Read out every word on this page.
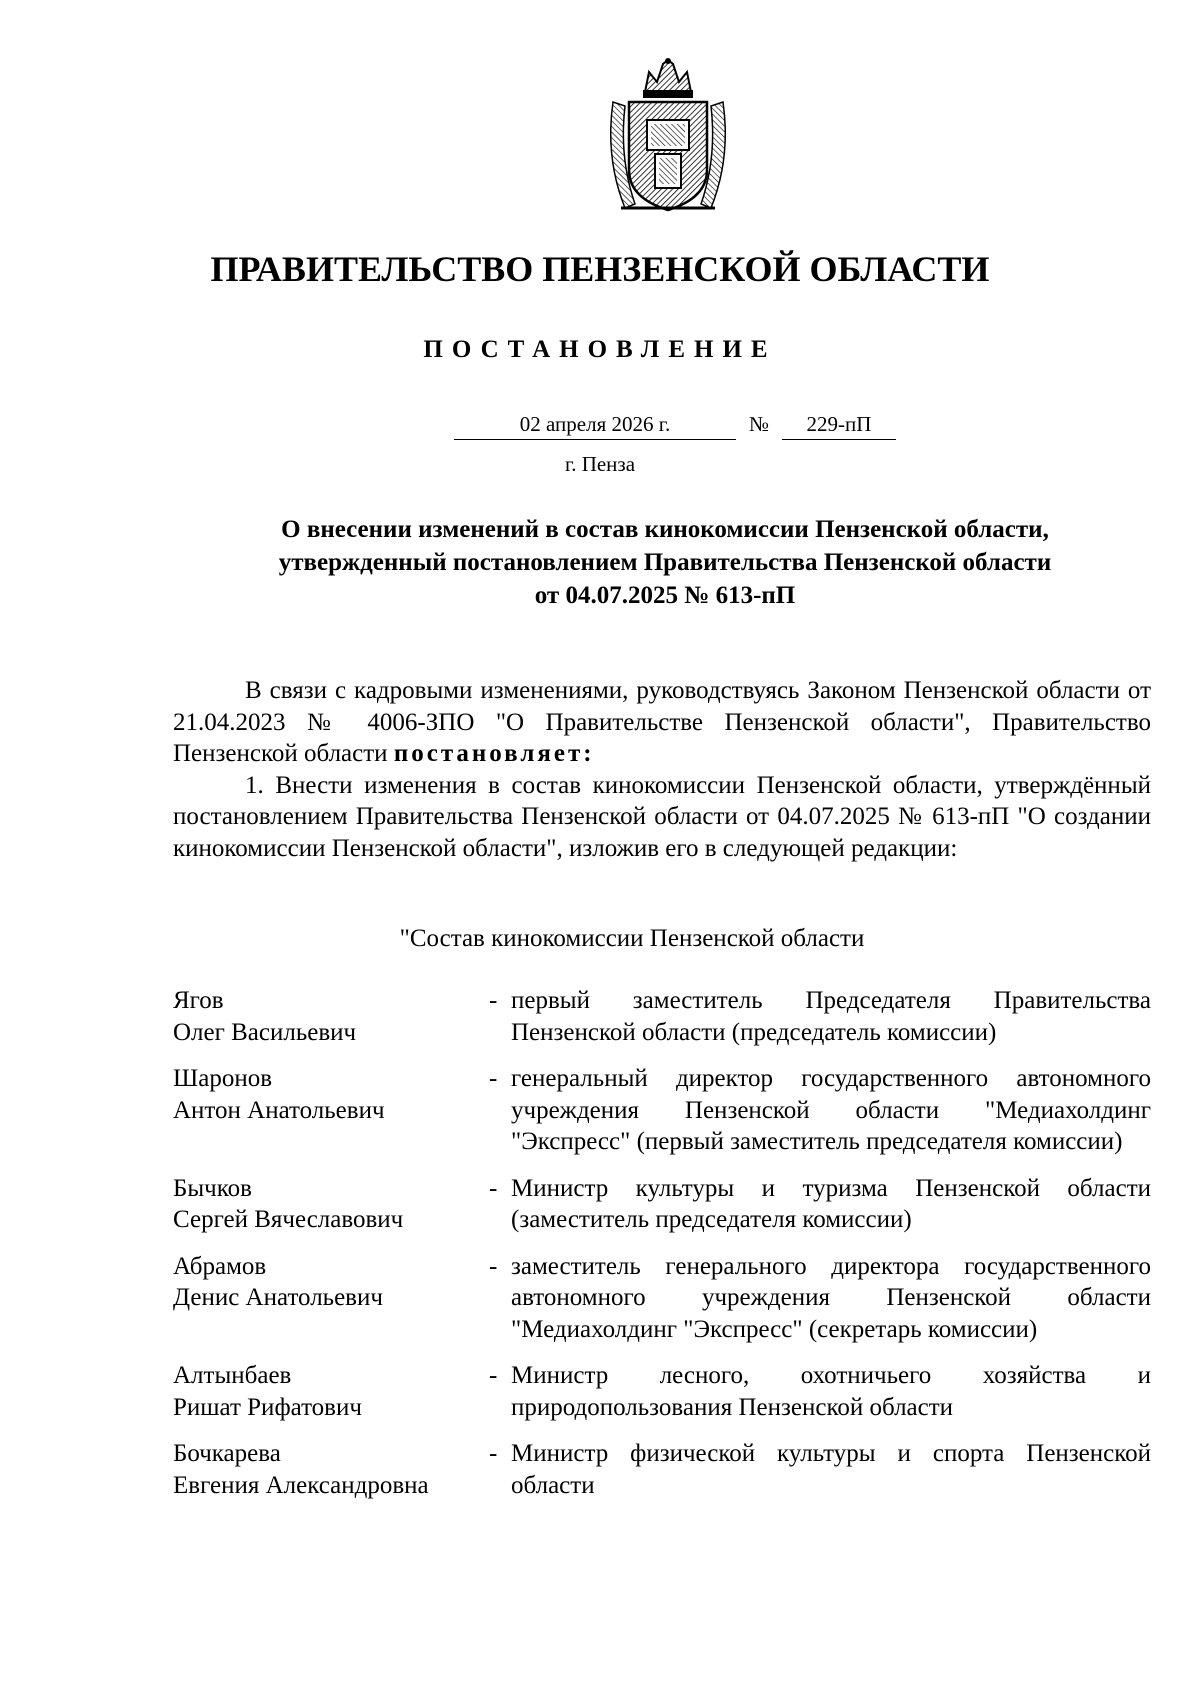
ПРАВИТЕЛЬСТВО ПЕНЗЕНСКОЙ ОБЛАСТИ
ПОСТАНОВЛЕНИЕ
02 апреля 2026 г.	№	229-пП
г. Пенза
О внесении изменений в состав кинокомиссии Пензенской области,
утвержденный постановлением Правительства Пензенской области
от 04.07.2025 № 613-пП

В связи с кадровыми изменениями, руководствуясь Законом Пензенской области от 21.04.2023 № 4006-ЗПО "О Правительстве Пензенской области", Правительство Пензенской области постановляет:

1. Внести изменения в состав кинокомиссии Пензенской области, утверждённый постановлением Правительства Пензенской области от 04.07.2025 № 613-пП "О создании кинокомиссии Пензенской области", изложив его в следующей редакции:

"Состав кинокомиссии Пензенской области
Ягов
Олег Васильевич
- первый заместитель Председателя Правительства Пензенской области (председатель комиссии)
Шаронов
Антон Анатольевич
- генеральный директор государственного автономного учреждения Пензенской области "Медиахолдинг "Экспресс" (первый заместитель председателя комиссии)
Бычков
Сергей Вячеславович
- Министр культуры и туризма Пензенской области (заместитель председателя комиссии)
Абрамов
Денис Анатольевич
- заместитель генерального директора государственного автономного учреждения Пензенской области "Медиахолдинг "Экспресс" (секретарь комиссии)
Алтынбаев
Ришат Рифатович
- Министр лесного, охотничьего хозяйства и природопользования Пензенской области
Бочкарева
Евгения Александровна
- Министр физической культуры и спорта Пензенской области
